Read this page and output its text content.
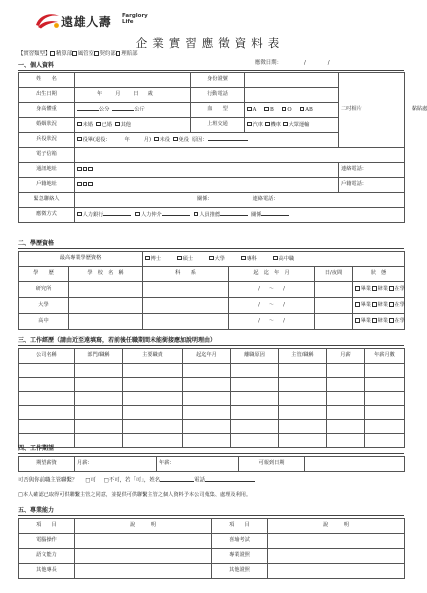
遠雄人壽 Farglory Life
企業實習應徵資料表
【實習類型】 精算部 風管室 契約部 理賠部
應徵日期：	/	/
一、個人資料
姓　　名		身份證號		二吋相片 黏貼處
出生日期	年 月 日 歲	行動電話		
身高體重	公分 公斤	血　　型	A B O AB	
婚姻狀況	未婚 已婚 其他	上班交通	汽車 機車 大眾運輸	
兵役狀況	役畢(退役： 年 月) 未役 免役 原因：			
電子信箱				
通訊地址				連絡電話：
戶籍地址				戶籍電話：
緊急聯絡人	關係： 連絡電話：			
應徵方式	人力銀行 人力仲介 人員推薦 關係			
二、學歷資格
最高專業學歷資格		博士 碩士 大學 專科 高中職			
學　　歷	學　校　名　稱	科　　系	起　迄　年　月	日/夜間	狀　態
研究所			/ ～ /		畢業 肄業 在學
大學			/ ～ /		畢業 肄業 在學
高中			/ ～ /		畢業 肄業 在學
三、工作經歷（請由近至遠填寫，若前後任職期間未能銜接應加說明理由）
公司名稱	部門/職稱	主要職責	起迄年月	離職原因	主管/職稱	月薪	年薪月數

四、工作期望
期望薪資	月薪：	年薪：	可報到日期	
可否與你前職主管聯繫？ □可 □不可，若「可」，姓名	電話
□本人確認已取得可供聯繫主管之同意，並提供可供聯繫主管之個人資料予本公司蒐集、處理及利用。
五、專業能力
項　　目	說　　　明	項　　目	說　　　明
電腦操作		喜瑜考試	
語文能力		專業證照	
其他專長		其他證照	
